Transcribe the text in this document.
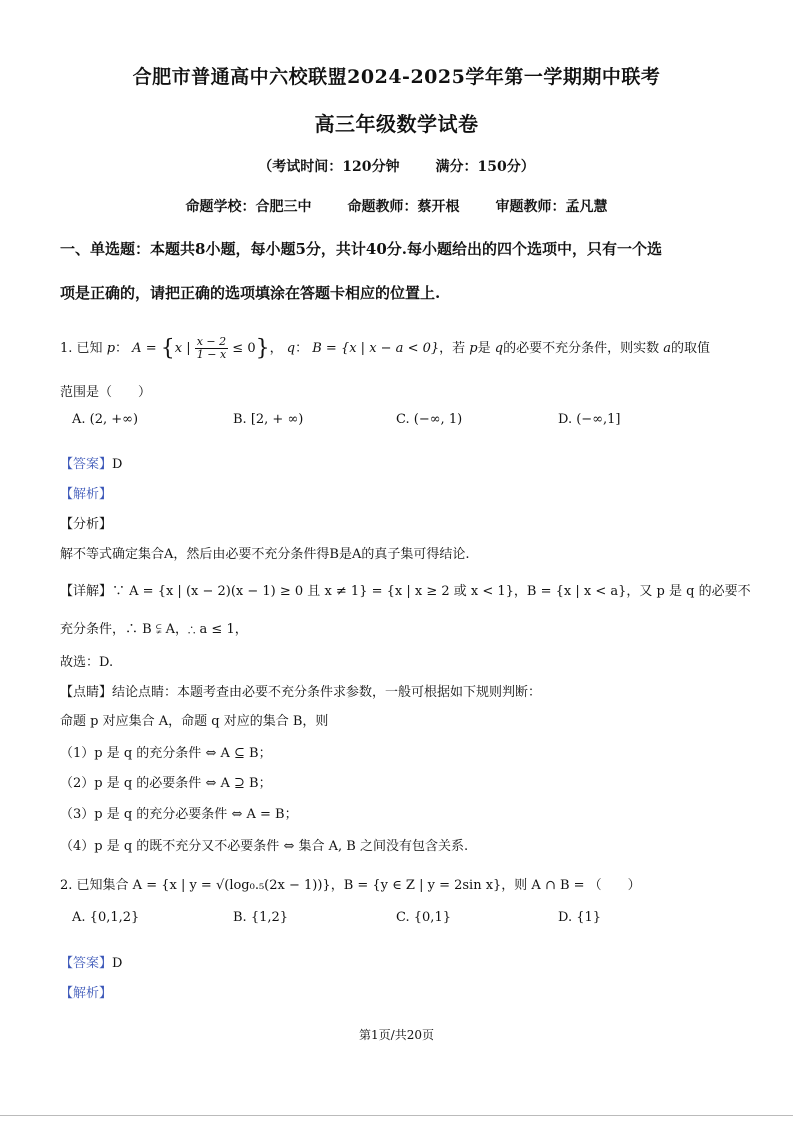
合肥市普通高中六校联盟2024-2025学年第一学期期中联考
高三年级数学试卷
（考试时间：120分钟	满分：150分）
命题学校：合肥三中	命题教师：蔡开根	审题教师：孟凡慧
一、单选题：本题共8小题，每小题5分，共计40分.每小题给出的四个选项中，只有一个选
项是正确的，请把正确的选项填涂在答题卡相应的位置上.
1. 已知 p： A = {x | $\frac{x - 2}{1 - x} \le 0$}， q： B = {x | x − a < 0}，若 p是 q的必要不充分条件，则实数 a的取值
范围是（　　）
A. (2, +∞)	B. [2, + ∞)	C. (−∞, 1)	D. (−∞,1]
【答案】D
【解析】
【分析】
解不等式确定集合A，然后由必要不充分条件得B是A的真子集可得结论.
【详解】∵ A = {x | (x − 2)(x − 1) ≥ 0 且 x ≠ 1} = {x | x ≥ 2 或 x < 1}，B = {x | x < a}，又 p 是 q 的必要不
充分条件，∴ B ⫋ A，∴ a ≤ 1，
故选：D.
【点睛】结论点睛：本题考查由必要不充分条件求参数，一般可根据如下规则判断：
命题 p 对应集合 A，命题 q 对应的集合 B，则
（1）p 是 q 的充分条件 ⇔ A ⊆ B；
（2）p 是 q 的必要条件 ⇔ A ⊇ B；
（3）p 是 q 的充分必要条件 ⇔ A = B；
（4）p 是 q 的既不充分又不必要条件 ⇔ 集合 A, B 之间没有包含关系.
2. 已知集合 A = {x | y = √(log₀.₅(2x − 1))}，B = {y ∈ Z | y = 2sin x}，则 A ∩ B = （　　）
A. {0,1,2}	B. {1,2}	C. {0,1}	D. {1}
【答案】D
【解析】
第1页/共20页
